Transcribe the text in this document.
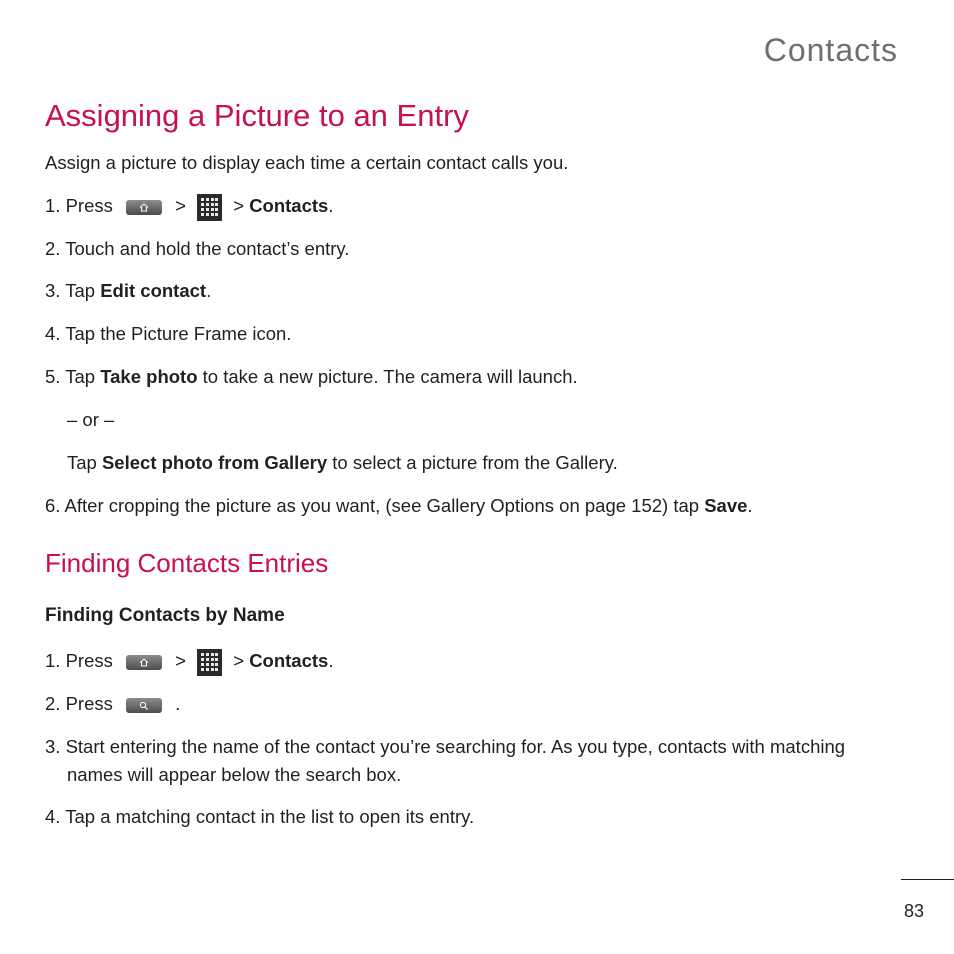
Contacts
Assigning a Picture to an Entry
Assign a picture to display each time a certain contact calls you.
1. Press	>	> Contacts.
2. Touch and hold the contact’s entry.
3. Tap Edit contact.
4. Tap the Picture Frame icon.
5. Tap Take photo to take a new picture. The camera will launch.
– or –
Tap Select photo from Gallery to select a picture from the Gallery.
6. After cropping the picture as you want, (see Gallery Options on page 152) tap Save.
Finding Contacts Entries
Finding Contacts by Name
1. Press	>	> Contacts.
2. Press	.
3. Start entering the name of the contact you’re searching for. As you type, contacts with matching
names will appear below the search box.
4. Tap a matching contact in the list to open its entry.
83
